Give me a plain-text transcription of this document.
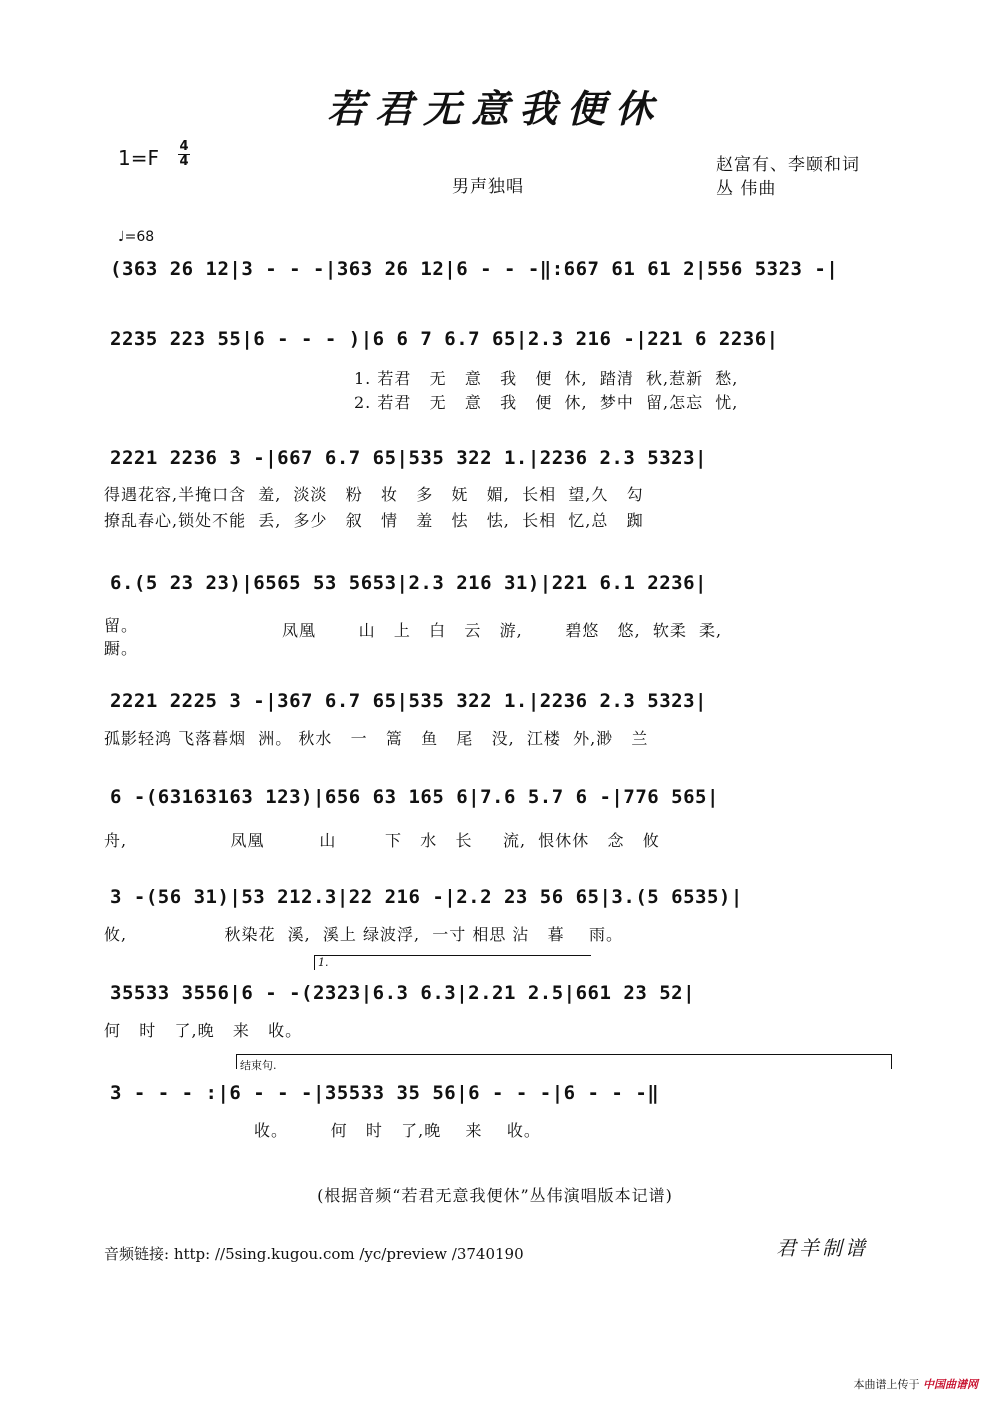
若君无意我便休
1=F 4
4
男声独唱
赵富有、李颐和词
丛 伟曲
♩=68
(363 26 12|3 - - -|363 26 12|6 - - -‖:667 61 61 2|556 5323 -|
2235 223 55|6 - - - )|6 6 7 6.7 65|2.3 216 -|221 6 2236|
1. 若君   无   意   我   便  休,  踏清  秋,惹新  愁,
2. 若君   无   意   我   便  休,  梦中  留,怎忘  忧,
2221 2236 3 -|667 6.7 65|535 322 1.|2236 2.3 5323|
得遇花容,半掩口含  羞,  淡淡   粉   妆   多   妩   媚,  长相  望,久   勾
撩乱春心,锁处不能  丢,  多少   叙   情   羞   怯   怯,  长相  忆,总   踟
6.(5 23 23)|6565 53 5653|2.3 216 31)|221 6.1 2236|
留。
蹰。
凤凰       山   上   白   云   游,       碧悠   悠,  软柔  柔,
2221 2225 3 -|367 6.7 65|535 322 1.|2236 2.3 5323|
孤影轻鸿 飞落暮烟  洲。 秋水   一   篙   鱼   尾   没,  江楼  外,渺   兰
6 -(63163163 123)|656 63 165 6|7.6 5.7 6 -|776 565|
舟,                 凤凰         山        下   水   长     流,  恨休休   念   攸
3 -(56 31)|53 212.3|22 216 -|2.2 23 56 65|3.(5 6535)|
攸,                秋染花  溪,  溪上 绿波浮,  一寸 相思 沾   暮    雨。
1.
35533 3556|6 - -(2323|6.3 6.3|2.21 2.5|661 23 52|
何   时   了,晚   来   收。
结束句.
3 - - - :|6 - - -|35533 35 56|6 - - -|6 - - -‖
收。       何   时   了,晚    来    收。
(根据音频“若君无意我便休”丛伟演唱版本记谱)
音频链接: http: //5sing.kugou.com /yc/preview /3740190	君羊制谱
本曲谱上传于 中国曲谱网
